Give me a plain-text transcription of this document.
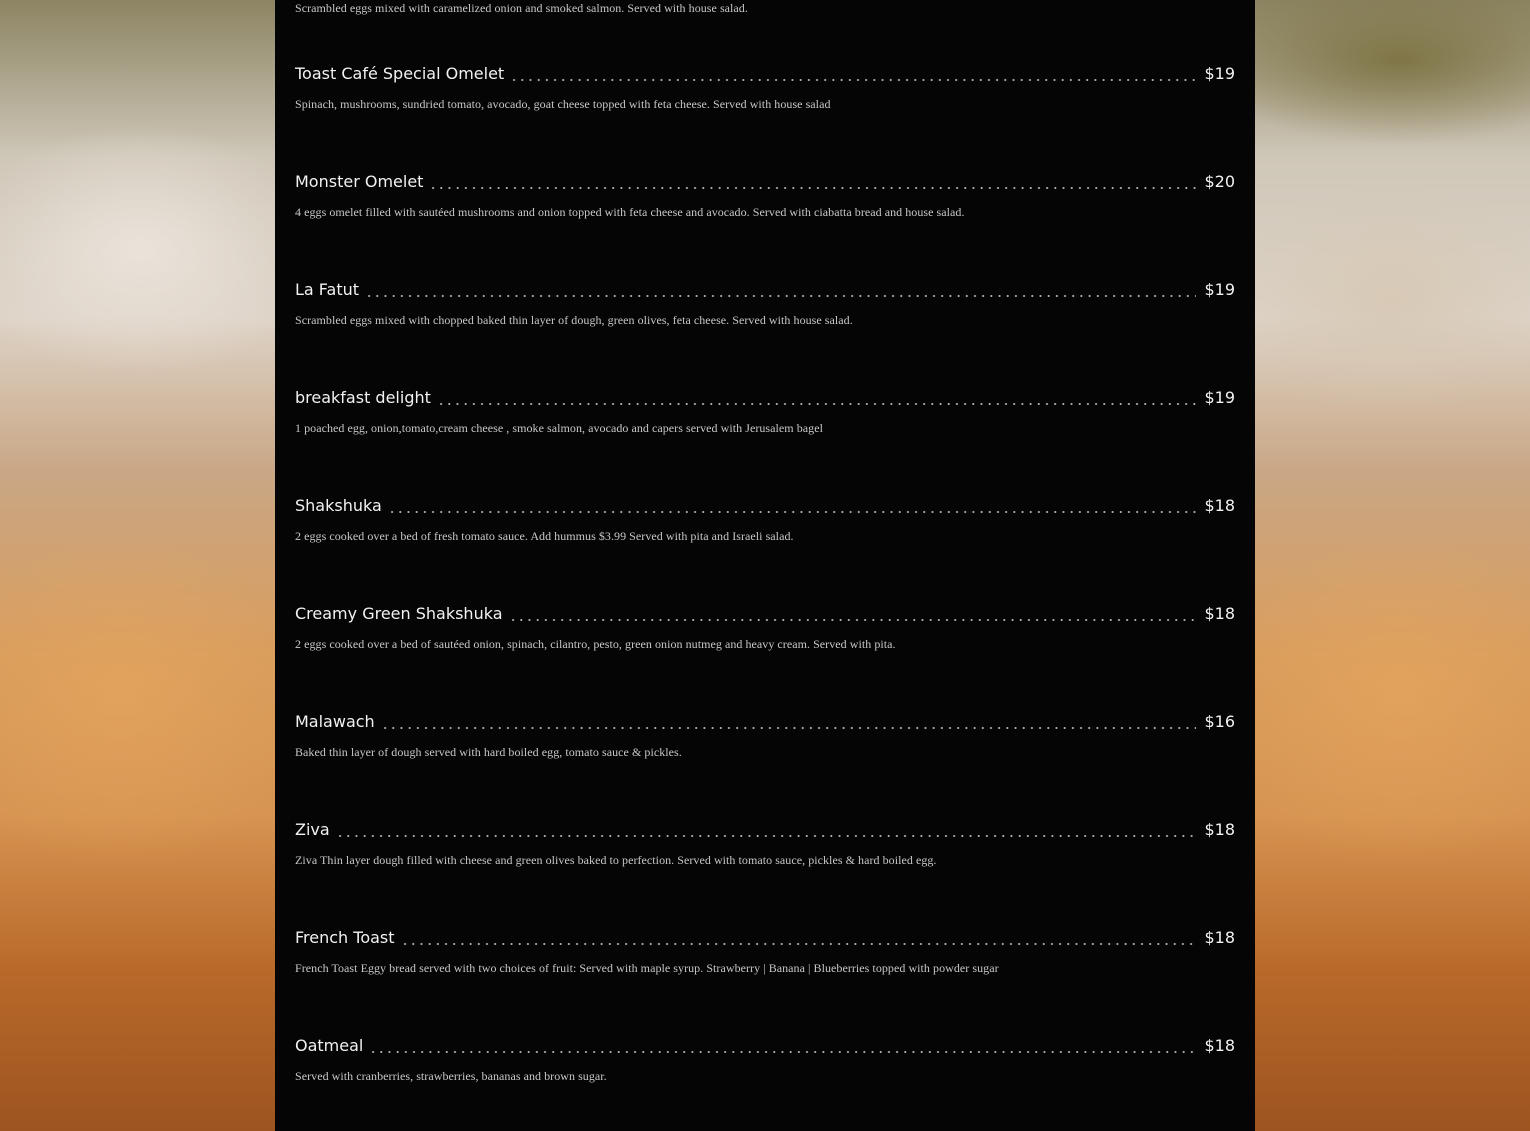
Scrambled eggs mixed with caramelized onion and smoked salmon. Served with house salad.
Toast Café Special Omelet	$19
Spinach, mushrooms, sundried tomato, avocado, goat cheese topped with feta cheese. Served with house salad
Monster Omelet	$20
4 eggs omelet filled with sautéed mushrooms and onion topped with feta cheese and avocado. Served with ciabatta bread and house salad.
La Fatut	$19
Scrambled eggs mixed with chopped baked thin layer of dough, green olives, feta cheese. Served with house salad.
breakfast delight	$19
1 poached egg, onion,tomato,cream cheese , smoke salmon, avocado and capers served with Jerusalem bagel
Shakshuka	$18
2 eggs cooked over a bed of fresh tomato sauce. Add hummus $3.99 Served with pita and Israeli salad.
Creamy Green Shakshuka	$18
2 eggs cooked over a bed of sautéed onion, spinach, cilantro, pesto, green onion nutmeg and heavy cream. Served with pita.
Malawach	$16
Baked thin layer of dough served with hard boiled egg, tomato sauce & pickles.
Ziva	$18
Ziva Thin layer dough filled with cheese and green olives baked to perfection. Served with tomato sauce, pickles & hard boiled egg.
French Toast	$18
French Toast Eggy bread served with two choices of fruit: Served with maple syrup. Strawberry | Banana | Blueberries topped with powder sugar
Oatmeal	$18
Served with cranberries, strawberries, bananas and brown sugar.
